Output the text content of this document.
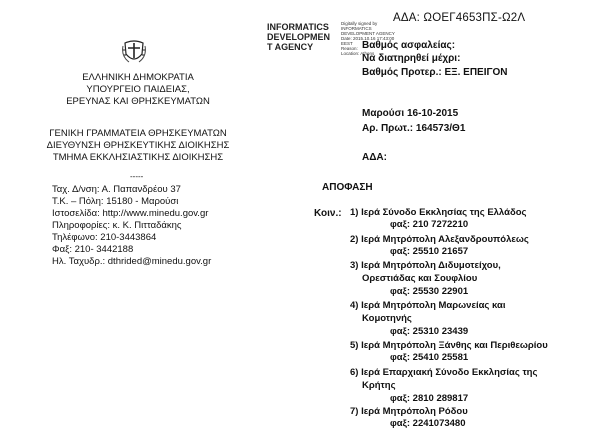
ΕΛΛΗΝΙΚΗ ΔΗΜΟΚΡΑΤΙΑ
ΥΠΟΥΡΓΕΙΟ ΠΑΙΔΕΙΑΣ,
ΕΡΕΥΝΑΣ ΚΑΙ ΘΡΗΣΚΕΥΜΑΤΩΝ
ΓΕΝΙΚΗ ΓΡΑΜΜΑΤΕΙΑ ΘΡΗΣΚΕΥΜΑΤΩΝ
ΔΙΕΥΘΥΝΣΗ ΘΡΗΣΚΕΥΤΙΚΗΣ ΔΙΟΙΚΗΣΗΣ
ΤΜΗΜΑ ΕΚΚΛΗΣΙΑΣΤΙΚΗΣ ΔΙΟΙΚΗΣΗΣ
-----
Ταχ. Δ/νση: Α. Παπανδρέου 37
Τ.Κ. – Πόλη: 15180 - Μαρούσι
Ιστοσελίδα: http://www.minedu.gov.gr
Πληροφορίες: κ. Κ. Πιτταδάκης
Τηλέφωνο: 210-3443864
Φαξ: 210- 3442188
Ηλ. Ταχυδρ.: dthrided@minedu.gov.gr
INFORMATICS
DEVELOPMEN
T AGENCY
Digitally signed by
INFORMATICS
DEVELOPMENT AGENCY
Date: 2015.10.16 17:43:00
EEST
Reason:
Location: Athens
ΑΔΑ: ΩΟΕΓ4653ΠΣ-Ω2Λ
Βαθμός ασφαλείας:
Να διατηρηθεί μέχρι:
Βαθμός Προτερ.: ΕΞ. ΕΠΕΙΓΟΝ
Μαρούσι 16-10-2015
Αρ. Πρωτ.: 164573/Θ1
ΑΔΑ:
ΑΠΟΦΑΣΗ
Κοιν.: 1) Ιερά Σύνοδο Εκκλησίας της Ελλάδος
φαξ: 210 7272210
2) Ιερά Μητρόπολη Αλεξανδρουπόλεως
φαξ: 25510 21657
3) Ιερά Μητρόπολη Διδυμοτείχου,
Ορεστιάδας και Σουφλίου
φαξ: 25530 22901
4) Ιερά Μητρόπολη Μαρωνείας και
Κομοτηνής
φαξ: 25310 23439
5) Ιερά Μητρόπολη Ξάνθης και Περιθεωρίου
φαξ: 25410 25581
6) Ιερά Επαρχιακή Σύνοδο Εκκλησίας της
Κρήτης
φαξ: 2810 289817
7) Ιερά Μητρόπολη Ρόδου
φαξ: 2241073480
